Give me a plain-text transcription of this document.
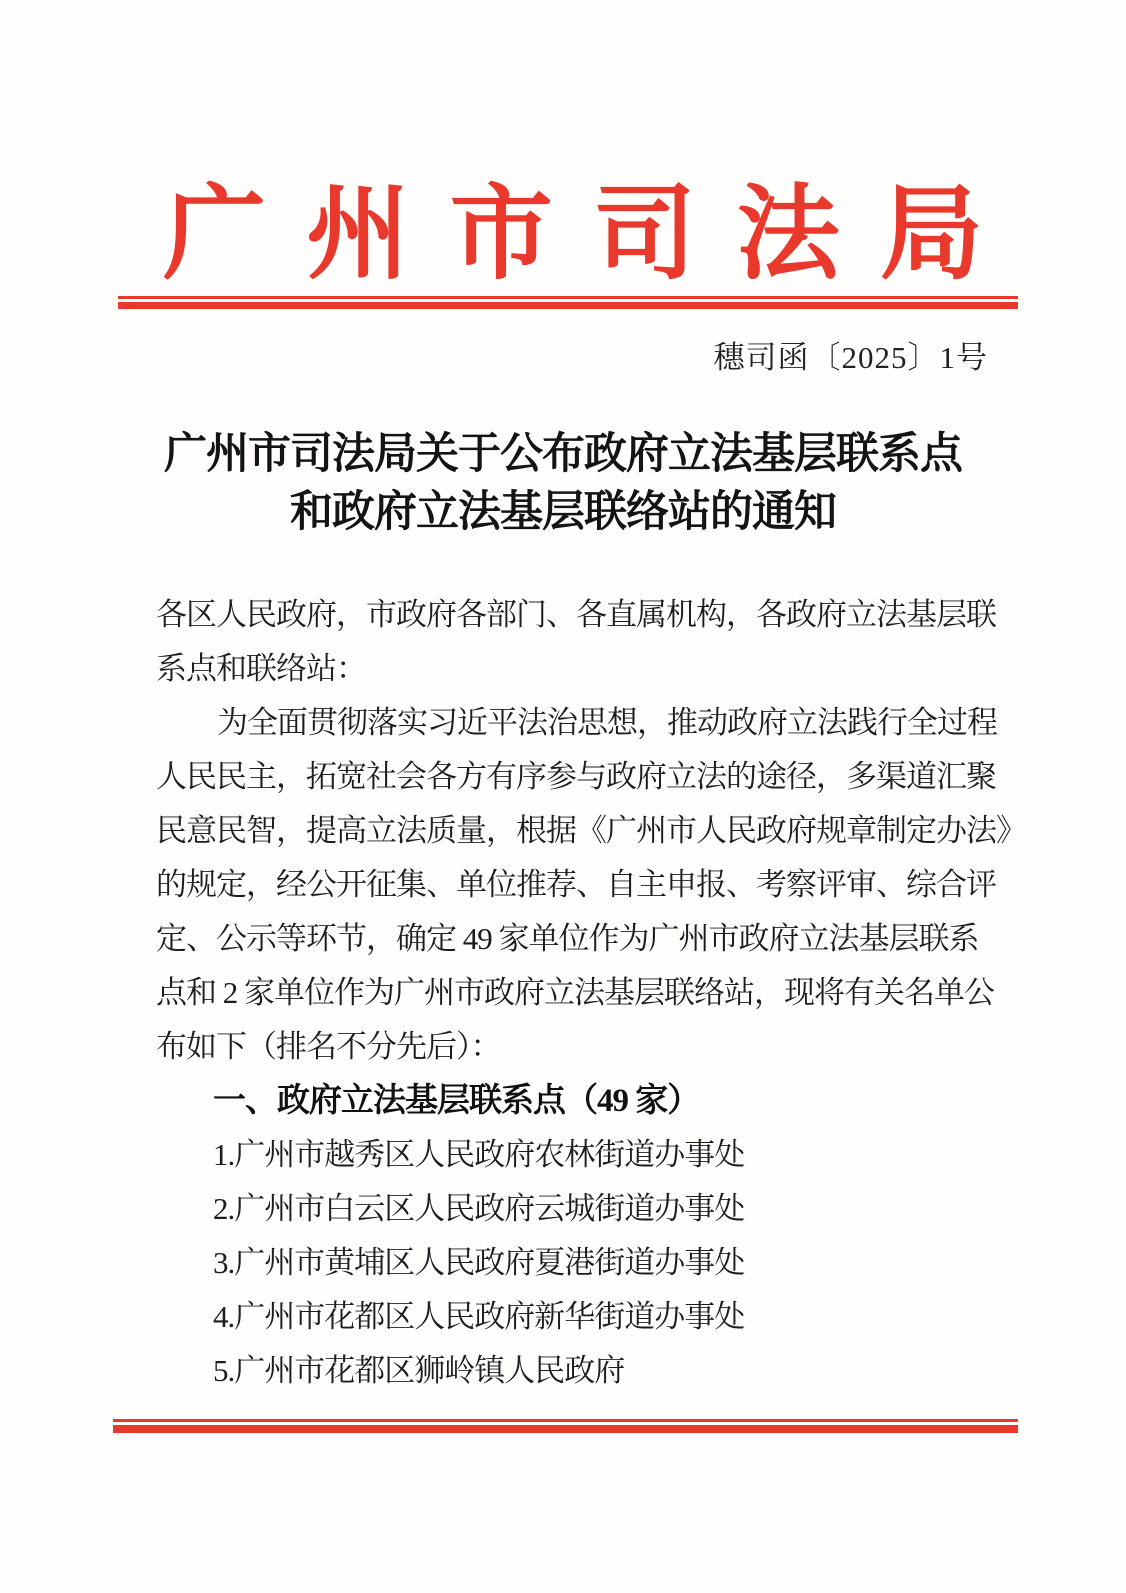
广 州 市 司 法 局
穗司函〔2025〕1号
广州市司法局关于公布政府立法基层联系点
和政府立法基层联络站的通知
各区人民政府，市政府各部门、各直属机构，各政府立法基层联
系点和联络站：
为全面贯彻落实习近平法治思想，推动政府立法践行全过程
人民民主，拓宽社会各方有序参与政府立法的途径，多渠道汇聚
民意民智，提高立法质量，根据《广州市人民政府规章制定办法》
的规定，经公开征集、单位推荐、自主申报、考察评审、综合评
定、公示等环节，确定 49 家单位作为广州市政府立法基层联系
点和 2 家单位作为广州市政府立法基层联络站，现将有关名单公
布如下（排名不分先后）：
一、政府立法基层联系点（49 家）
1.广州市越秀区人民政府农林街道办事处
2.广州市白云区人民政府云城街道办事处
3.广州市黄埔区人民政府夏港街道办事处
4.广州市花都区人民政府新华街道办事处
5.广州市花都区狮岭镇人民政府
